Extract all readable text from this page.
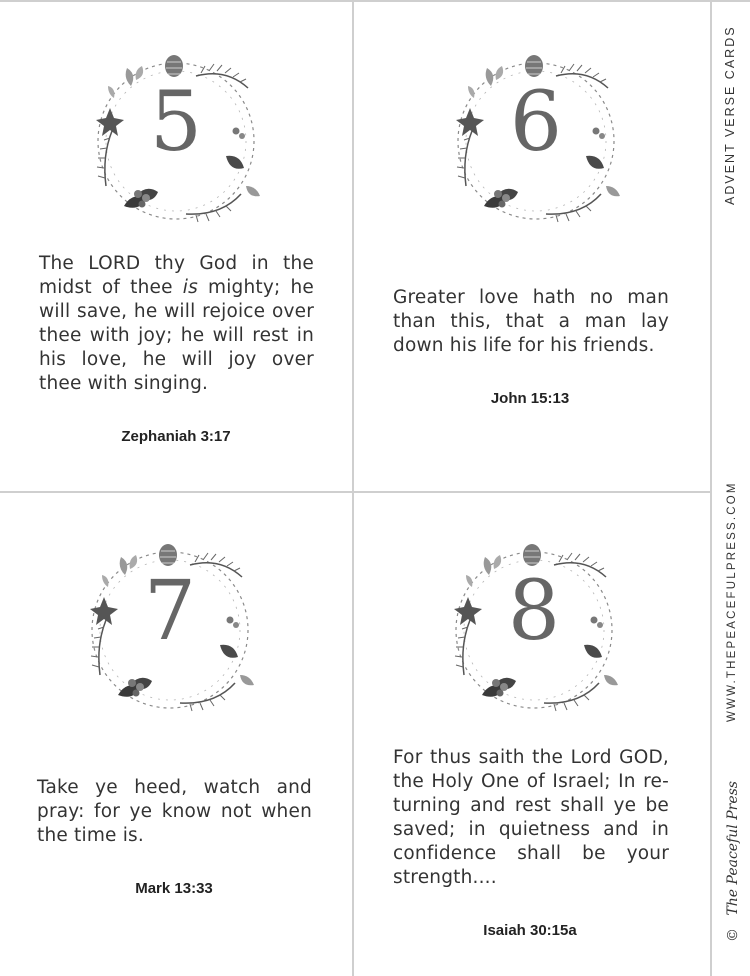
5
The LORD thy God in the midst of thee is mighty; he will save, he will rejoice over thee with joy; he will rest in his love, he will joy over thee with singing.
Zephaniah 3:17
6
Greater love hath no man than this, that a man lay down his life for his friends.
John 15:13
7
Take ye heed, watch and pray: for ye know not when the time is.
Mark 13:33
8
For thus saith the Lord GOD, the Holy One of Israel; In re-turning and rest shall ye be saved; in quietness and in confidence shall be your strength....
Isaiah 30:15a
ADVENT VERSE CARDS
WWW.THEPEACEFULPRESS.COM
© The Peaceful Press
